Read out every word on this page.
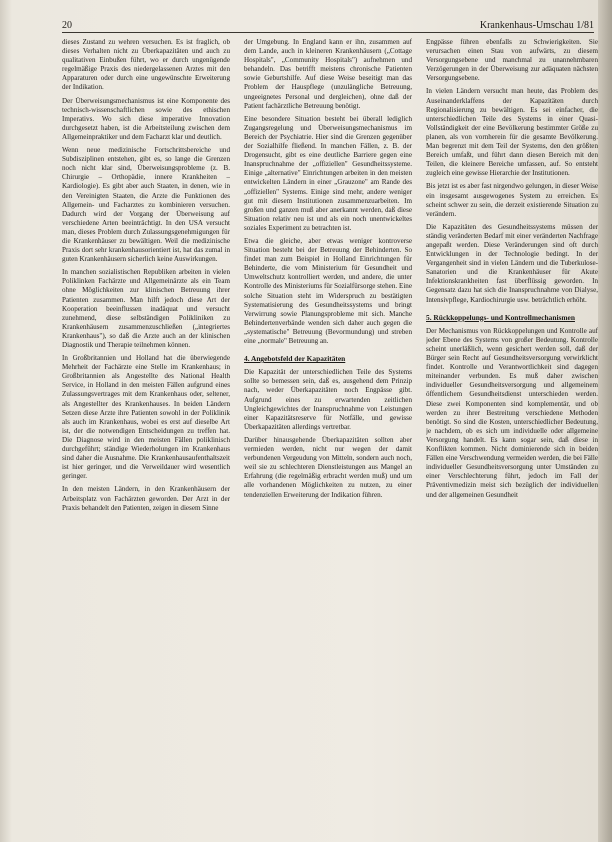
20	Krankenhaus-Umschau 1/81

dieses Zustand zu wehren versuchen. Es ist fraglich, ob dieses Verhalten nicht zu Überkapazitäten und auch zu qualitativen Einbußen führt, wo er durch ungenügende regelmäßige Praxis des niedergelassenen Arztes mit den Apparaturen oder durch eine ungewünschte Erweiterung der Indikation.

Der Überweisungsmechanismus ist eine Komponente des technisch-wissenschaftlichen sowie des ethischen Imperativs. Wo sich diese imperative Innovation durchgesetzt haben, ist die Arbeitsteilung zwischen dem Allgemeinpraktiker und dem Facharzt klar und deutlich.

Wenn neue medizinische Fortschrittsbereiche und Subdisziplinen entstehen, gibt es, so lange die Grenzen noch nicht klar sind, Überweisungsprobleme (z. B. Chirurgie – Orthopädie, innere Krankheiten – Kardiologie). Es gibt aber auch Staaten, in denen, wie in den Vereinigten Staaten, die Arzte die Funktionen des Allgemein- und Facharztes zu kombinieren versuchen. Dadurch wird der Vorgang der Überweisung auf verschiedene Arten beeinträchtigt. In den USA versucht man, dieses Problem durch Zulassungsgenehmigungen für die Krankenhäuser zu bewältigen. Weil die medizinische Praxis dort sehr krankenhausorientiert ist, hat das zumal in guten Krankenhäusern sicherlich keine Auswirkungen.

In manchen sozialistischen Republiken arbeiten in vielen Poliklinken Fachärzte und Allgemeinärzte als ein Team ohne Möglichkeiten zur klinischen Betreuung ihrer Patienten zusammen. Man hilft jedoch diese Art der Kooperation beeinflussen inadäquat und versucht zunehmend, diese selbständigen Polikliniken zu Krankenhäusern zusammenzuschließen („integriertes Krankenhaus"), so daß die Arzte auch an der klinischen Diagnostik und Therapie teilnehmen können.

In Großbritannien und Holland hat die überwiegende Mehrheit der Fachärzte eine Stelle im Krankenhaus; in Großbritannien als Angestellte des National Health Service, in Holland in den meisten Fällen aufgrund eines Zulassungsvertrages mit dem Krankenhaus oder, seltener, als Angestellter des Krankenhauses. In beiden Ländern Setzen diese Arzte ihre Patienten sowohl in der Poliklinik als auch im Krankenhaus, wobei es erst auf dieselbe Art ist, der die notwendigen Entscheidungen zu treffen hat. Die Diagnose wird in den meisten Fällen poliklinisch durchgeführt; ständige Wiederholungen im Krankenhaus sind daher die Ausnahme. Die Krankenhausaufenthaltszeit ist hier geringer, und die Verweildauer wird wesentlich geringer.

In den meisten Ländern, in den Krankenhäusern der Arbeitsplatz von Fachärzten geworden. Der Arzt in der Praxis behandelt den Patienten, zeigen in diesem Sinne

der Umgebung. In England kann er ihn, zusammen auf dem Lande, auch in kleineren Krankenhäusern („Cottage Hospitals", „Community Hospitals") aufnehmen und behandeln. Das betrifft meistens chronische Patienten sowie Geburtshilfe. Auf diese Weise beseitigt man das Problem der Hauspflege (unzulängliche Betreuung, ungeeignetes Personal und dergleichen), ohne daß der Patient fachärztliche Betreuung benötigt.

Eine besondere Situation besteht bei überall lediglich Zugangsregelung und Überweisungsmechanismus im Bereich der Psychiatrie. Hier sind die Grenzen gegenüber der Sozialhilfe fließend. In manchen Fällen, z. B. der Drogensucht, gibt es eine deutliche Barriere gegen eine Inanspruchnahme der „offiziellen" Gesundheitssysteme. Einige „alternative" Einrichtungen arbeiten in den meisten entwickelten Ländern in einer „Grauzone" am Rande des „offiziellen" Systems. Einige sind mehr, andere weniger gut mit diesem Institutionen zusammenzuarbeiten. Im großen und ganzen muß aber anerkannt werden, daß diese Situation relativ neu ist und als ein noch unentwickeltes soziales Experiment zu betrachten ist.

Etwa die gleiche, aber etwas weniger kontroverse Situation besteht bei der Betreuung der Behinderten. So findet man zum Beispiel in Holland Einrichtungen für Behinderte, die vom Ministerium für Gesundheit und Umweltschutz kontrolliert werden, und andere, die unter Kontrolle des Ministeriums für Sozialfürsorge stehen. Eine solche Situation steht im Widerspruch zu bestätigten Systematisierung des Gesundheitssystems und bringt Verwirrung sowie Planungsprobleme mit sich. Manche Behindertenverbände wenden sich daher auch gegen die „systematische" Betreuung (Bevormundung) und streben eine „normale" Betreuung an.

4. Angebotsfeld der Kapazitäten

Die Kapazität der unterschiedlichen Teile des Systems sollte so bemessen sein, daß es, ausgehend dem Prinzip nach, weder Überkapazitäten noch Engpässe gibt. Aufgrund eines zu erwartenden zeitlichen Ungleichgewichtes der Inanspruchnahme von Leistungen einer Kapazitätsreserve für Notfälle, und gewisse Überkapazitäten allerdings vertretbar.

Darüber hinausgehende Überkapazitäten sollten aber vermieden werden, nicht nur wegen der damit verbundenen Vergeudung von Mitteln, sondern auch noch, weil sie zu schlechteren Dienstleistungen aus Mangel an Erfahrung (die regelmäßig erbracht werden muß) und um alle vorhandenen Möglichkeiten zu nutzen, zu einer tendenziellen Erweiterung der Indikation führen.

Engpässe führen ebenfalls zu Schwierigkeiten. Sie verursachen einen Stau von aufwärts, zu diesem Versorgungsebene und manchmal zu unannehmbaren Verzögerungen in der Überweisung zur adäquaten nächsten Versorgungsebene.

In vielen Ländern versucht man heute, das Problem des Auseinanderklaffens der Kapazitäten durch Regionalisierung zu bewältigen. Es sei einfacher, die unterschiedlichen Teile des Systems in einer Quasi-Vollständigkeit der eine Bevölkerung bestimmter Größe zu planen, als von vornherein für die gesamte Bevölkerung. Man begrenzt mit dem Teil der Systems, den den größten Bereich umfaßt, und führt dann diesen Bereich mit den Teilen, die kleinere Bereiche umfassen, auf. So entsteht zugleich eine gewisse Hierarchie der Institutionen.

Bis jetzt ist es aber fast nirgendwo gelungen, in dieser Weise ein insgesamt ausgewogenes System zu erreichen. Es scheint schwer zu sein, die derzeit existierende Situation zu verändern.

Die Kapazitäten des Gesundheitssystems müssen der ständig veränderten Bedarf mit einer veränderten Nachfrage angepaßt werden. Diese Veränderungen sind oft durch Entwicklungen in der Technologie bedingt. In der Vergangenheit sind in vielen Ländern und die Tuberkulose-Sanatorien und die Krankenhäuser für Akute Infektionskrankheiten fast überflüssig geworden. In Gegensatz dazu hat sich die Inanspruchnahme von Dialyse, Intensivpflege, Kardiochirurgie usw. beträchtlich erhöht.

5. Rückkoppelungs- und Kontrollmechanismen

Der Mechanismus von Rückkoppelungen und Kontrolle auf jeder Ebene des Systems von großer Bedeutung. Kontrolle scheint unerläßlich, wenn gesichert werden soll, daß der Bürger sein Recht auf Gesundheitsversorgung verwirklicht findet. Kontrolle und Verantwortlichkeit sind dagegen miteinander verbunden. Es muß daher zwischen individueller Gesundheitsversorgung und allgemeinem öffentlichem Gesundheitsdienst unterschieden werden. Diese zwei Komponenten sind komplementär, und ob werden zu ihrer Bestreitung verschiedene Methoden benötigt. So sind die Kosten, unterschiedlicher Bedeutung, je nachdem, ob es sich um individuelle oder allgemeine Versorgung handelt. Es kann sogar sein, daß diese in Konflikten kommen. Nicht dominierende sich in beiden Fällen eine Verschwendung vermeiden werden, die bei Fälle individueller Gesundheitsversorgung unter Umständen zu einer Verschlechterung führt, jedoch im Fall der Präventivmedizin meist sich bezüglich der individuellen und der allgemeinen Gesundheit
